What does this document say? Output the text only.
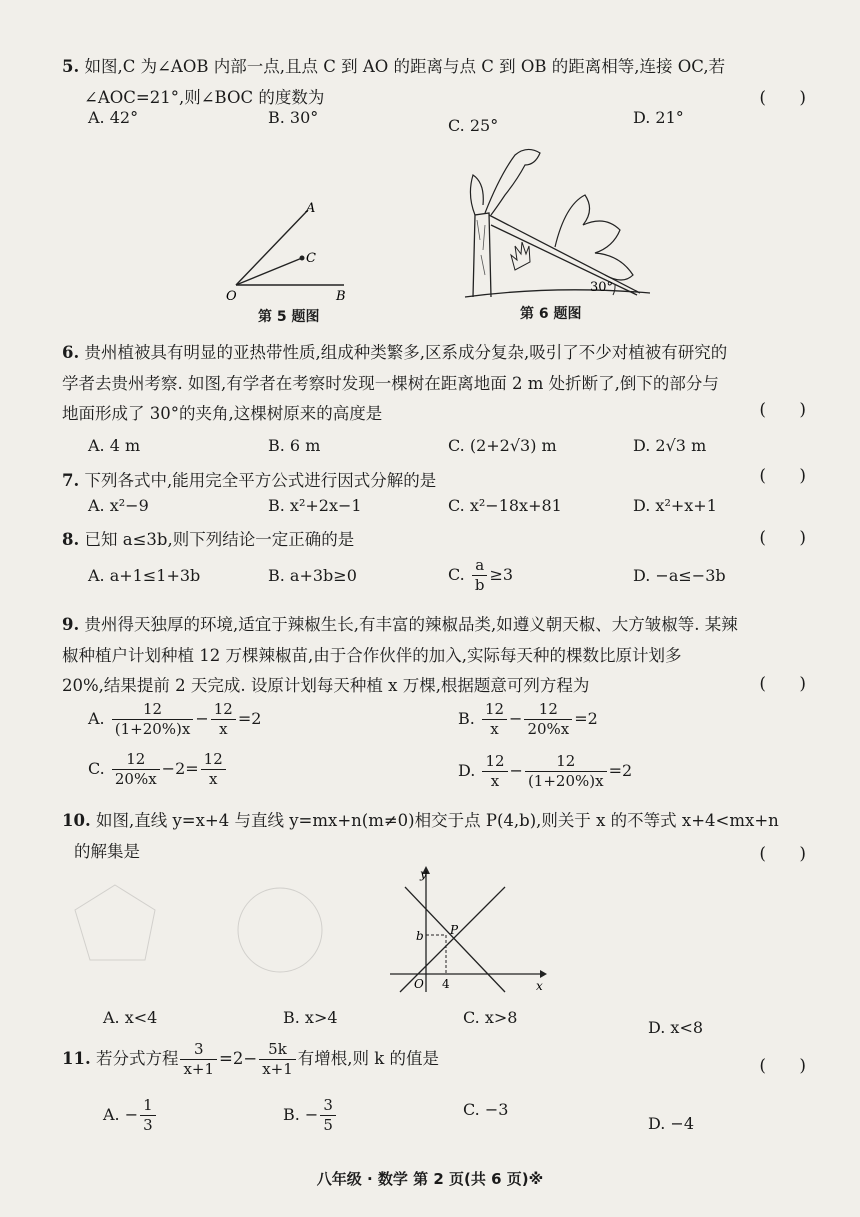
5. 如图,C 为∠AOB 内部一点,且点 C 到 AO 的距离与点 C 到 OB 的距离相等,连接 OC,若
∠AOC=21°,则∠BOC 的度数为	( )
A. 42°	B. 30°	C. 25°	D. 21°
A
C
O	B
第 5 题图
30°
第 6 题图
6. 贵州植被具有明显的亚热带性质,组成种类繁多,区系成分复杂,吸引了不少对植被有研究的
学者去贵州考察. 如图,有学者在考察时发现一棵树在距离地面 2 m 处折断了,倒下的部分与
地面形成了 30°的夹角,这棵树原来的高度是	( )
A. 4 m	B. 6 m	C. (2+2√3) m	D. 2√3 m
7. 下列各式中,能用完全平方公式进行因式分解的是	( )
A. x²−9	B. x²+2x−1	C. x²−18x+81	D. x²+x+1
8. 已知 a≤3b,则下列结论一定正确的是	( )
A. a+1≤1+3b	B. a+3b≥0	C. $\frac{a}{b} \ge 3$	D. −a≤−3b
9. 贵州得天独厚的环境,适宜于辣椒生长,有丰富的辣椒品类,如遵义朝天椒、大方皱椒等. 某辣
椒种植户计划种植 12 万棵辣椒苗,由于合作伙伴的加入,实际每天种的棵数比原计划多
20%,结果提前 2 天完成. 设原计划每天种植 x 万棵,根据题意可列方程为	( )
A. $\frac{12}{(1+20\%)x} - \frac{12}{x} =2$	B. $\frac{12}{x} - \frac{12}{20\%x} =2$
C. $\frac{12}{20\%x} -2= \frac{12}{x}$	D. $\frac{12}{x} - \frac{12}{(1+20\%)x} =2$
10. 如图,直线 y=x+4 与直线 y=mx+n(m≠0)相交于点 P(4,b),则关于 x 的不等式 x+4<mx+n
的解集是	( )
y
x
b P
O 4
A. x<4	B. x>4	C. x>8
D. x<8
11. 若分式方程 $\frac{3}{x+1} =2- \frac{5k}{x+1}$ 有增根,则 k 的值是	( )
A. − $\frac{1}{3}$	B. − $\frac{3}{5}$	C. −3
D. −4
八年级 · 数学 第 2 页(共 6 页)※
